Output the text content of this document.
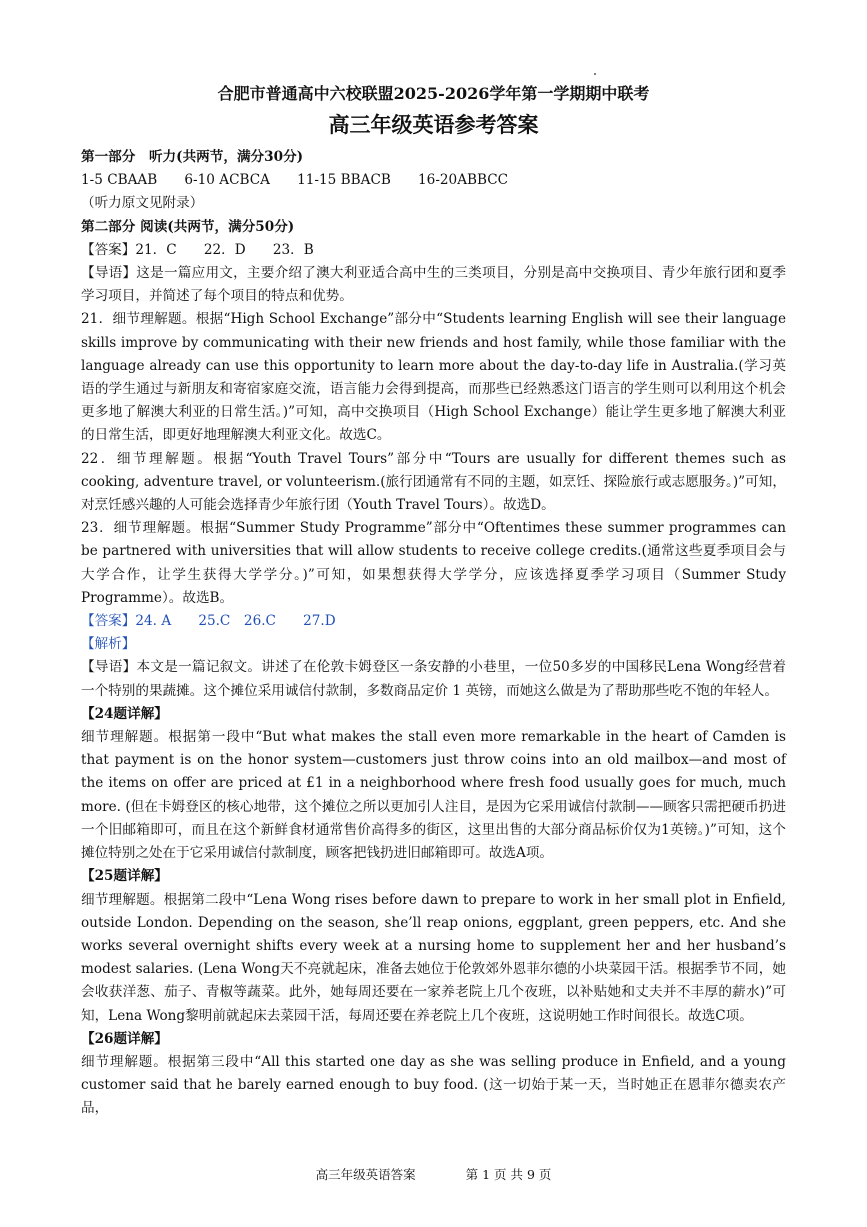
合肥市普通高中六校联盟2025-2026学年第一学期期中联考
高三年级英语参考答案

第一部分　听力(共两节，满分30分)

1-5 CBAAB　　6-10 ACBCA　　11-15 BBACB　　16-20ABBCC

（听力原文见附录）

第二部分 阅读(共两节，满分50分)

【答案】21．C　　22．D　　23．B

【导语】这是一篇应用文，主要介绍了澳大利亚适合高中生的三类项目，分别是高中交换项目、青少年旅行团和夏季学习项目，并简述了每个项目的特点和优势。

21．细节理解题。根据“High School Exchange”部分中“Students learning English will see their language skills improve by communicating with their new friends and host family, while those familiar with the language already can use this opportunity to learn more about the day-to-day life in Australia.(学习英语的学生通过与新朋友和寄宿家庭交流，语言能力会得到提高，而那些已经熟悉这门语言的学生则可以利用这个机会更多地了解澳大利亚的日常生活。)”可知，高中交换项目（High School Exchange）能让学生更多地了解澳大利亚的日常生活，即更好地理解澳大利亚文化。故选C。

22．细节理解题。根据“Youth Travel Tours”部分中“Tours are usually for different themes such as cooking, adventure travel, or volunteerism.(旅行团通常有不同的主题，如烹饪、探险旅行或志愿服务。)”可知，对烹饪感兴趣的人可能会选择青少年旅行团（Youth Travel Tours）。故选D。

23．细节理解题。根据“Summer Study Programme”部分中“Oftentimes these summer programmes can be partnered with universities that will allow students to receive college credits.(通常这些夏季项目会与大学合作，让学生获得大学学分。)”可知，如果想获得大学学分，应该选择夏季学习项目（Summer Study Programme）。故选B。

【答案】24. A　　25.C　26.C　　27.D

【解析】

【导语】本文是一篇记叙文。讲述了在伦敦卡姆登区一条安静的小巷里，一位50多岁的中国移民Lena Wong经营着一个特别的果蔬摊。这个摊位采用诚信付款制，多数商品定价 1 英镑，而她这么做是为了帮助那些吃不饱的年轻人。

【24题详解】

细节理解题。根据第一段中“But what makes the stall even more remarkable in the heart of Camden is that payment is on the honor system—customers just throw coins into an old mailbox—and most of the items on offer are priced at £1 in a neighborhood where fresh food usually goes for much, much more. (但在卡姆登区的核心地带，这个摊位之所以更加引人注目，是因为它采用诚信付款制——顾客只需把硬币扔进一个旧邮箱即可，而且在这个新鲜食材通常售价高得多的街区，这里出售的大部分商品标价仅为1英镑。)”可知，这个摊位特别之处在于它采用诚信付款制度，顾客把钱扔进旧邮箱即可。故选A项。

【25题详解】

细节理解题。根据第二段中“Lena Wong rises before dawn to prepare to work in her small plot in Enfield, outside London. Depending on the season, she’ll reap onions, eggplant, green peppers, etc. And she works several overnight shifts every week at a nursing home to supplement her and her husband’s modest salaries. (Lena Wong天不亮就起床，准备去她位于伦敦郊外恩菲尔德的小块菜园干活。根据季节不同，她会收获洋葱、茄子、青椒等蔬菜。此外，她每周还要在一家养老院上几个夜班，以补贴她和丈夫并不丰厚的薪水)”可知，Lena Wong黎明前就起床去菜园干活，每周还要在养老院上几个夜班，这说明她工作时间很长。故选C项。

【26题详解】

细节理解题。根据第三段中“All this started one day as she was selling produce in Enfield, and a young customer said that he barely earned enough to buy food. (这一切始于某一天，当时她正在恩菲尔德卖农产品，

高三年级英语答案　　　　第 1 页 共 9 页
